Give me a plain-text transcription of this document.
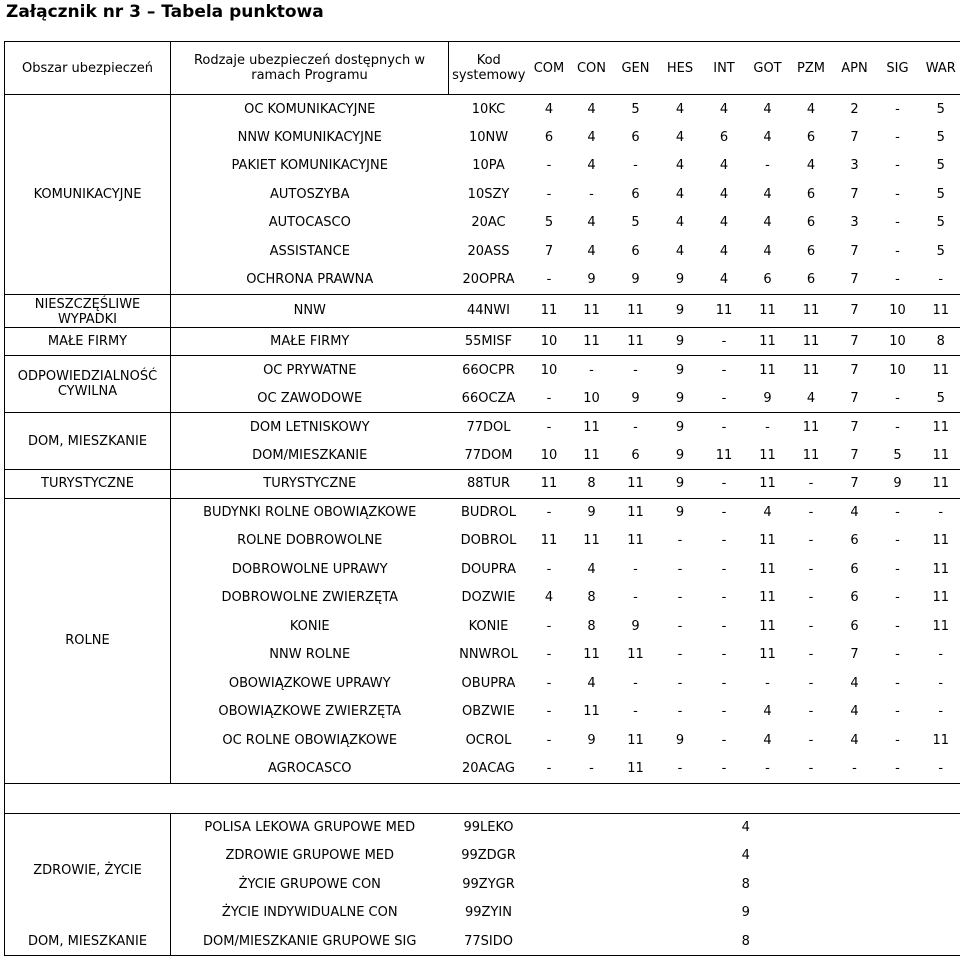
Załącznik nr 3 – Tabela punktowa
Obszar ubezpieczeń	Rodzaje ubezpieczeń dostępnych w ramach Programu	Kod systemowy	COM	CON	GEN	HES	INT	GOT	PZM	APN	SIG	WAR
KOMUNIKACYJNE	OC KOMUNIKACYJNE	10KC	4	4	5	4	4	4	4	2	-	5
	NNW KOMUNIKACYJNE	10NW	6	4	6	4	6	4	6	7	-	5
	PAKIET KOMUNIKACYJNE	10PA	-	4	-	4	4	-	4	3	-	5
	AUTOSZYBA	10SZY	-	-	6	4	4	4	6	7	-	5
	AUTOCASCO	20AC	5	4	5	4	4	4	6	3	-	5
	ASSISTANCE	20ASS	7	4	6	4	4	4	6	7	-	5
	OCHRONA PRAWNA	20OPRA	-	9	9	9	4	6	6	7	-	-
NIESZCZĘŚLIWE WYPADKI	NNW	44NWI	11	11	11	9	11	11	11	7	10	11
MAŁE FIRMY	MAŁE FIRMY	55MISF	10	11	11	9	-	11	11	7	10	8
ODPOWIEDZIALNOŚĆ CYWILNA	OC PRYWATNE	66OCPR	10	-	-	9	-	11	11	7	10	11
	OC ZAWODOWE	66OCZA	-	10	9	9	-	9	4	7	-	5
DOM, MIESZKANIE	DOM LETNISKOWY	77DOL	-	11	-	9	-	-	11	7	-	11
	DOM/MIESZKANIE	77DOM	10	11	6	9	11	11	11	7	5	11
TURYSTYCZNE	TURYSTYCZNE	88TUR	11	8	11	9	-	11	-	7	9	11
ROLNE	BUDYNKI ROLNE OBOWIĄZKOWE	BUDROL	-	9	11	9	-	4	-	4	-	-
	ROLNE DOBROWOLNE	DOBROL	11	11	11	-	-	11	-	6	-	11
	DOBROWOLNE UPRAWY	DOUPRA	-	4	-	-	-	11	-	6	-	11
	DOBROWOLNE ZWIERZĘTA	DOZWIE	4	8	-	-	-	11	-	6	-	11
	KONIE	KONIE	-	8	9	-	-	11	-	6	-	11
	NNW ROLNE	NNWROL	-	11	11	-	-	11	-	7	-	-
	OBOWIĄZKOWE UPRAWY	OBUPRA	-	4	-	-	-	-	-	4	-	-
	OBOWIĄZKOWE ZWIERZĘTA	OBZWIE	-	11	-	-	-	4	-	4	-	-
	OC ROLNE OBOWIĄZKOWE	OCROL	-	9	11	9	-	4	-	4	-	11
	AGROCASCO	20ACAG	-	-	11	-	-	-	-	-	-	-

ZDROWIE, ŻYCIE	POLISA LEKOWA GRUPOWE MED	99LEKO	4									
	ZDROWIE GRUPOWE MED	99ZDGR	4									
	ŻYCIE GRUPOWE CON	99ZYGR	8									
	ŻYCIE INDYWIDUALNE CON	99ZYIN	9									
DOM, MIESZKANIE	DOM/MIESZKANIE GRUPOWE SIG	77SIDO	8									
